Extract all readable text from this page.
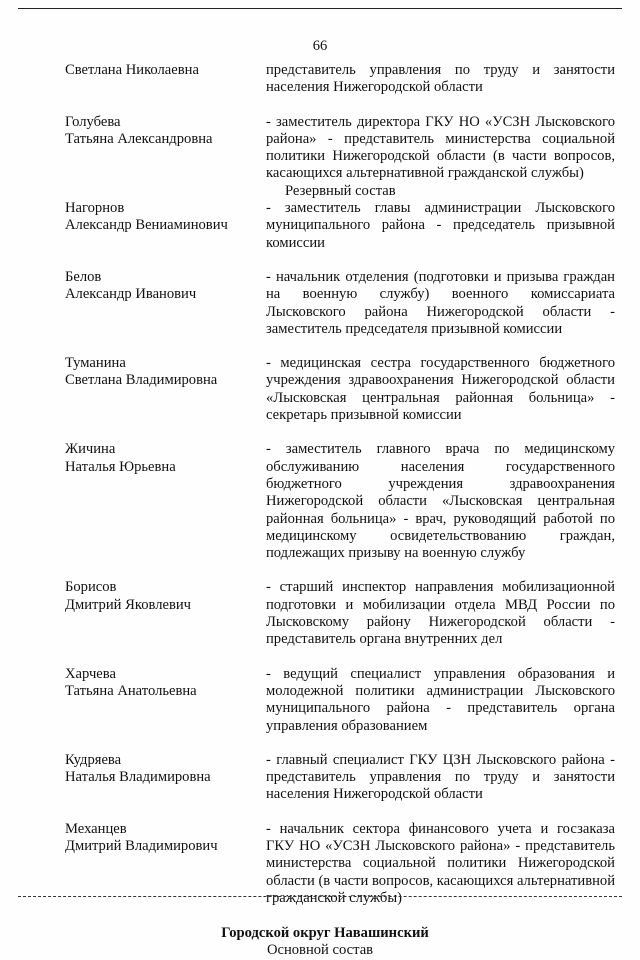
66
Светлана Николаевна	представитель управления по труду и занятости населения Нижегородской области
Голубева
Татьяна Александровна
- заместитель директора ГКУ НО «УСЗН Лысковского района» - представитель министерства социальной политики Нижегородской области (в части вопросов, касающихся альтернативной гражданской службы)
Резервный состав
Нагорнов
Александр Вениаминович
- заместитель главы администрации Лысковского муниципального района - председатель призывной комиссии
Белов
Александр Иванович
- начальник отделения (подготовки и призыва граждан на военную службу) военного комиссариата Лысковского района Нижегородской области - заместитель председателя призывной комиссии
Туманина
Светлана Владимировна
- медицинская сестра государственного бюджетного учреждения здравоохранения Нижегородской области «Лысковская центральная районная больница» - секретарь призывной комиссии
Жичина
Наталья Юрьевна
- заместитель главного врача по медицинскому обслуживанию населения государственного бюджетного учреждения здравоохранения Нижегородской области «Лысковская центральная районная больница» - врач, руководящий работой по медицинскому освидетельствованию граждан, подлежащих призыву на военную службу
Борисов
Дмитрий Яковлевич
- старший инспектор направления мобилизационной подготовки и мобилизации отдела МВД России по Лысковскому району Нижегородской области - представитель органа внутренних дел
Харчева
Татьяна Анатольевна
- ведущий специалист управления образования и молодежной политики администрации Лысковского муниципального района - представитель органа управления образованием
Кудряева
Наталья Владимировна
- главный специалист ГКУ ЦЗН Лысковского района - представитель управления по труду и занятости населения Нижегородской области
Механцев
Дмитрий Владимирович
- начальник сектора финансового учета и госзаказа ГКУ НО «УСЗН Лысковского района» - представитель министерства социальной политики Нижегородской области (в части вопросов, касающихся альтернативной гражданской службы)
Городской округ Навашинский
Основной состав
